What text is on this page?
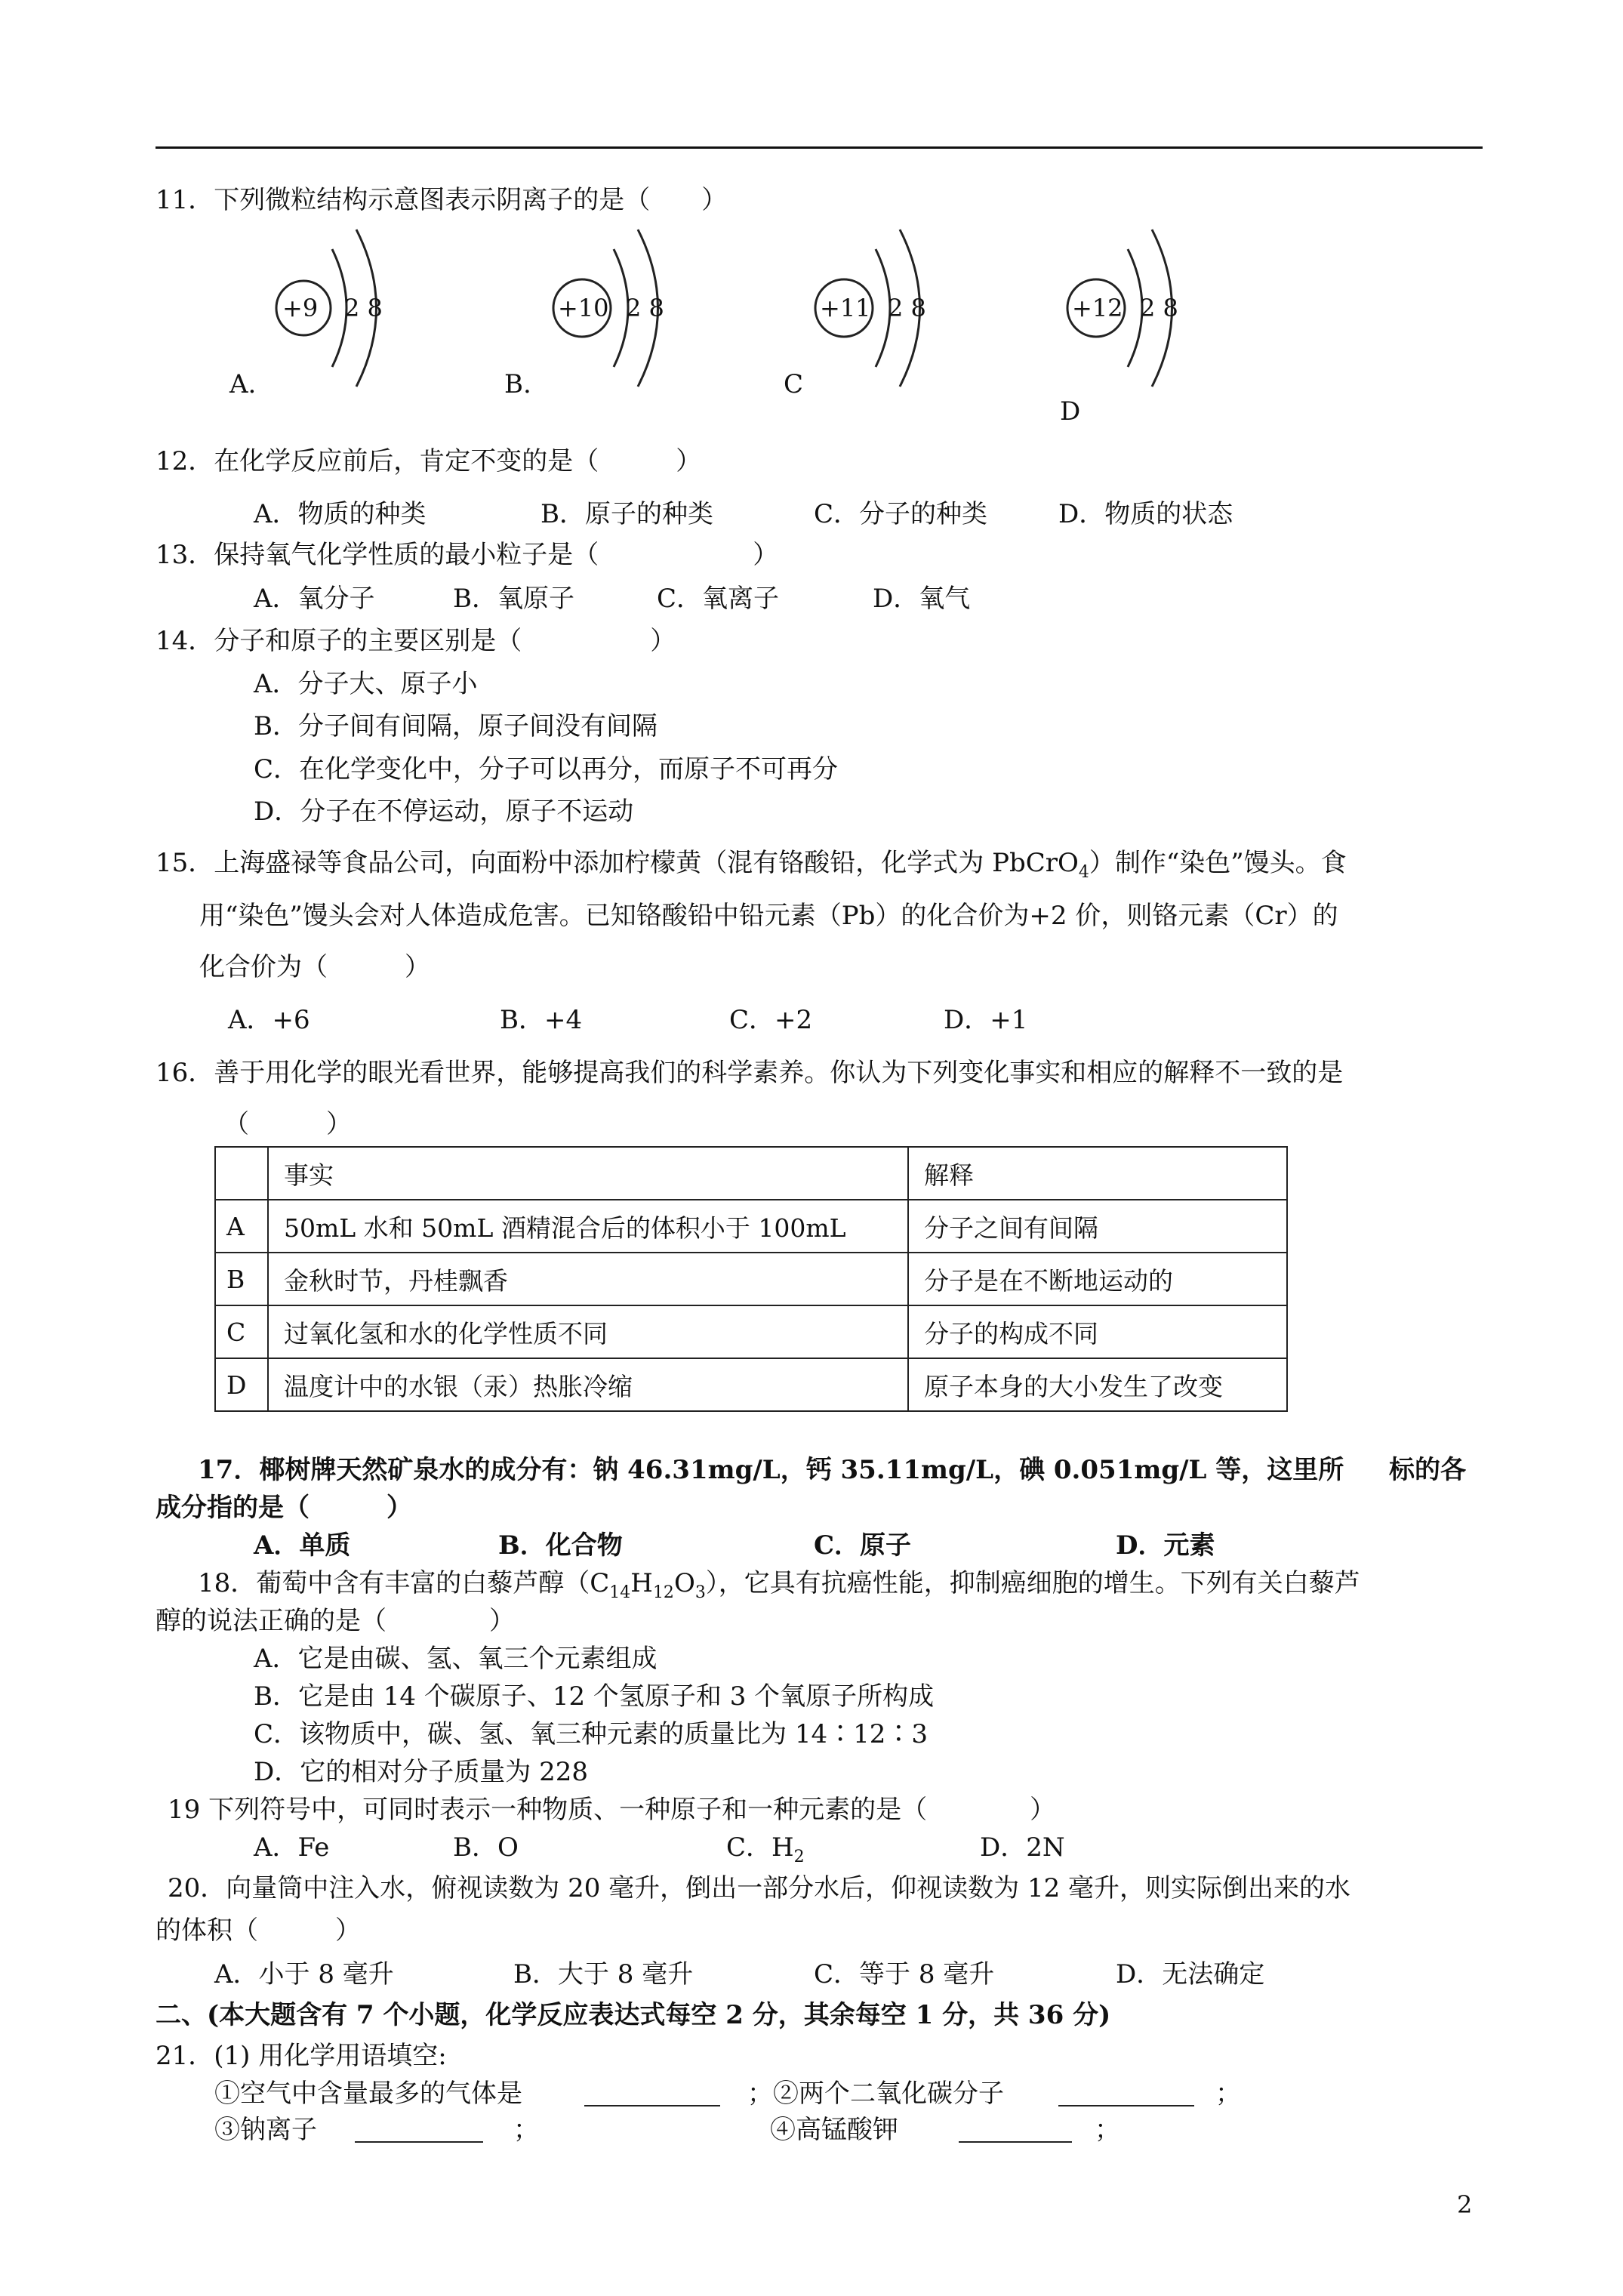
11．下列微粒结构示意图表示阴离子的是（　　）
+9 2 8
A.
+10 2 8
B.
+11 2 8
C
+12 2 8
D
12．在化学反应前后，肯定不变的是（　　　）
A．物质的种类	B．原子的种类	C．分子的种类	D．物质的状态
13．保持氧气化学性质的最小粒子是（　　　　　　）
A．氧分子	B．氧原子	C．氧离子	D．氧气
14．分子和原子的主要区别是（　　　　　）
A．分子大、原子小
B．分子间有间隔，原子间没有间隔
C．在化学变化中，分子可以再分，而原子不可再分
D．分子在不停运动，原子不运动
15．上海盛禄等食品公司，向面粉中添加柠檬黄（混有铬酸铅，化学式为 PbCrO$_4$）制作“染色”馒头。食
用“染色”馒头会对人体造成危害。已知铬酸铅中铅元素（Pb）的化合价为+2 价，则铬元素（Cr）的
化合价为（　　　）
A．+6	B．+4	C．+2	D．+1
16．善于用化学的眼光看世界，能够提高我们的科学素养。你认为下列变化事实和相应的解释不一致的是
（　　　）
	事实	解释
A	50mL 水和 50mL 酒精混合后的体积小于 100mL	分子之间有间隔
B	金秋时节，丹桂飘香	分子是在不断地运动的
C	过氧化氢和水的化学性质不同	分子的构成不同
D	温度计中的水银（汞）热胀冷缩	原子本身的大小发生了改变
17．椰树牌天然矿泉水的成分有：钠 46.31mg/L，钙 35.11mg/L，碘 0.051mg/L 等，这里所 标的各
成分指的是（　　　）
A．单质	B．化合物	C．原子	D．元素
18．葡萄中含有丰富的白藜芦醇$(C_{14}H_{12}O_3)$，它具有抗癌性能，抑制癌细胞的增生。下列有关白藜芦
醇的说法正确的是（　　　　）
A．它是由碳、氢、氧三个元素组成
B．它是由 14 个碳原子、12 个氢原子和 3 个氧原子所构成
C．该物质中，碳、氢、氧三种元素的质量比为 14∶12∶3
D．它的相对分子质量为 228
19 下列符号中，可同时表示一种物质、一种原子和一种元素的是（　　　　）
A．Fe	B．O	C．$H_2$	D．2N
20．向量筒中注入水，俯视读数为 20 毫升，倒出一部分水后，仰视读数为 12 毫升，则实际倒出来的水
的体积（　　　）
A．小于 8 毫升	B．大于 8 毫升	C．等于 8 毫升	D．无法确定
二、(本大题含有 7 个小题，化学反应表达式每空 2 分，其余每空 1 分，共 36 分)
21．(1) 用化学用语填空:
①空气中含量最多的气体是	；②两个二氧化碳分子	；
③钠离子	；	④高锰酸钾	；
2
